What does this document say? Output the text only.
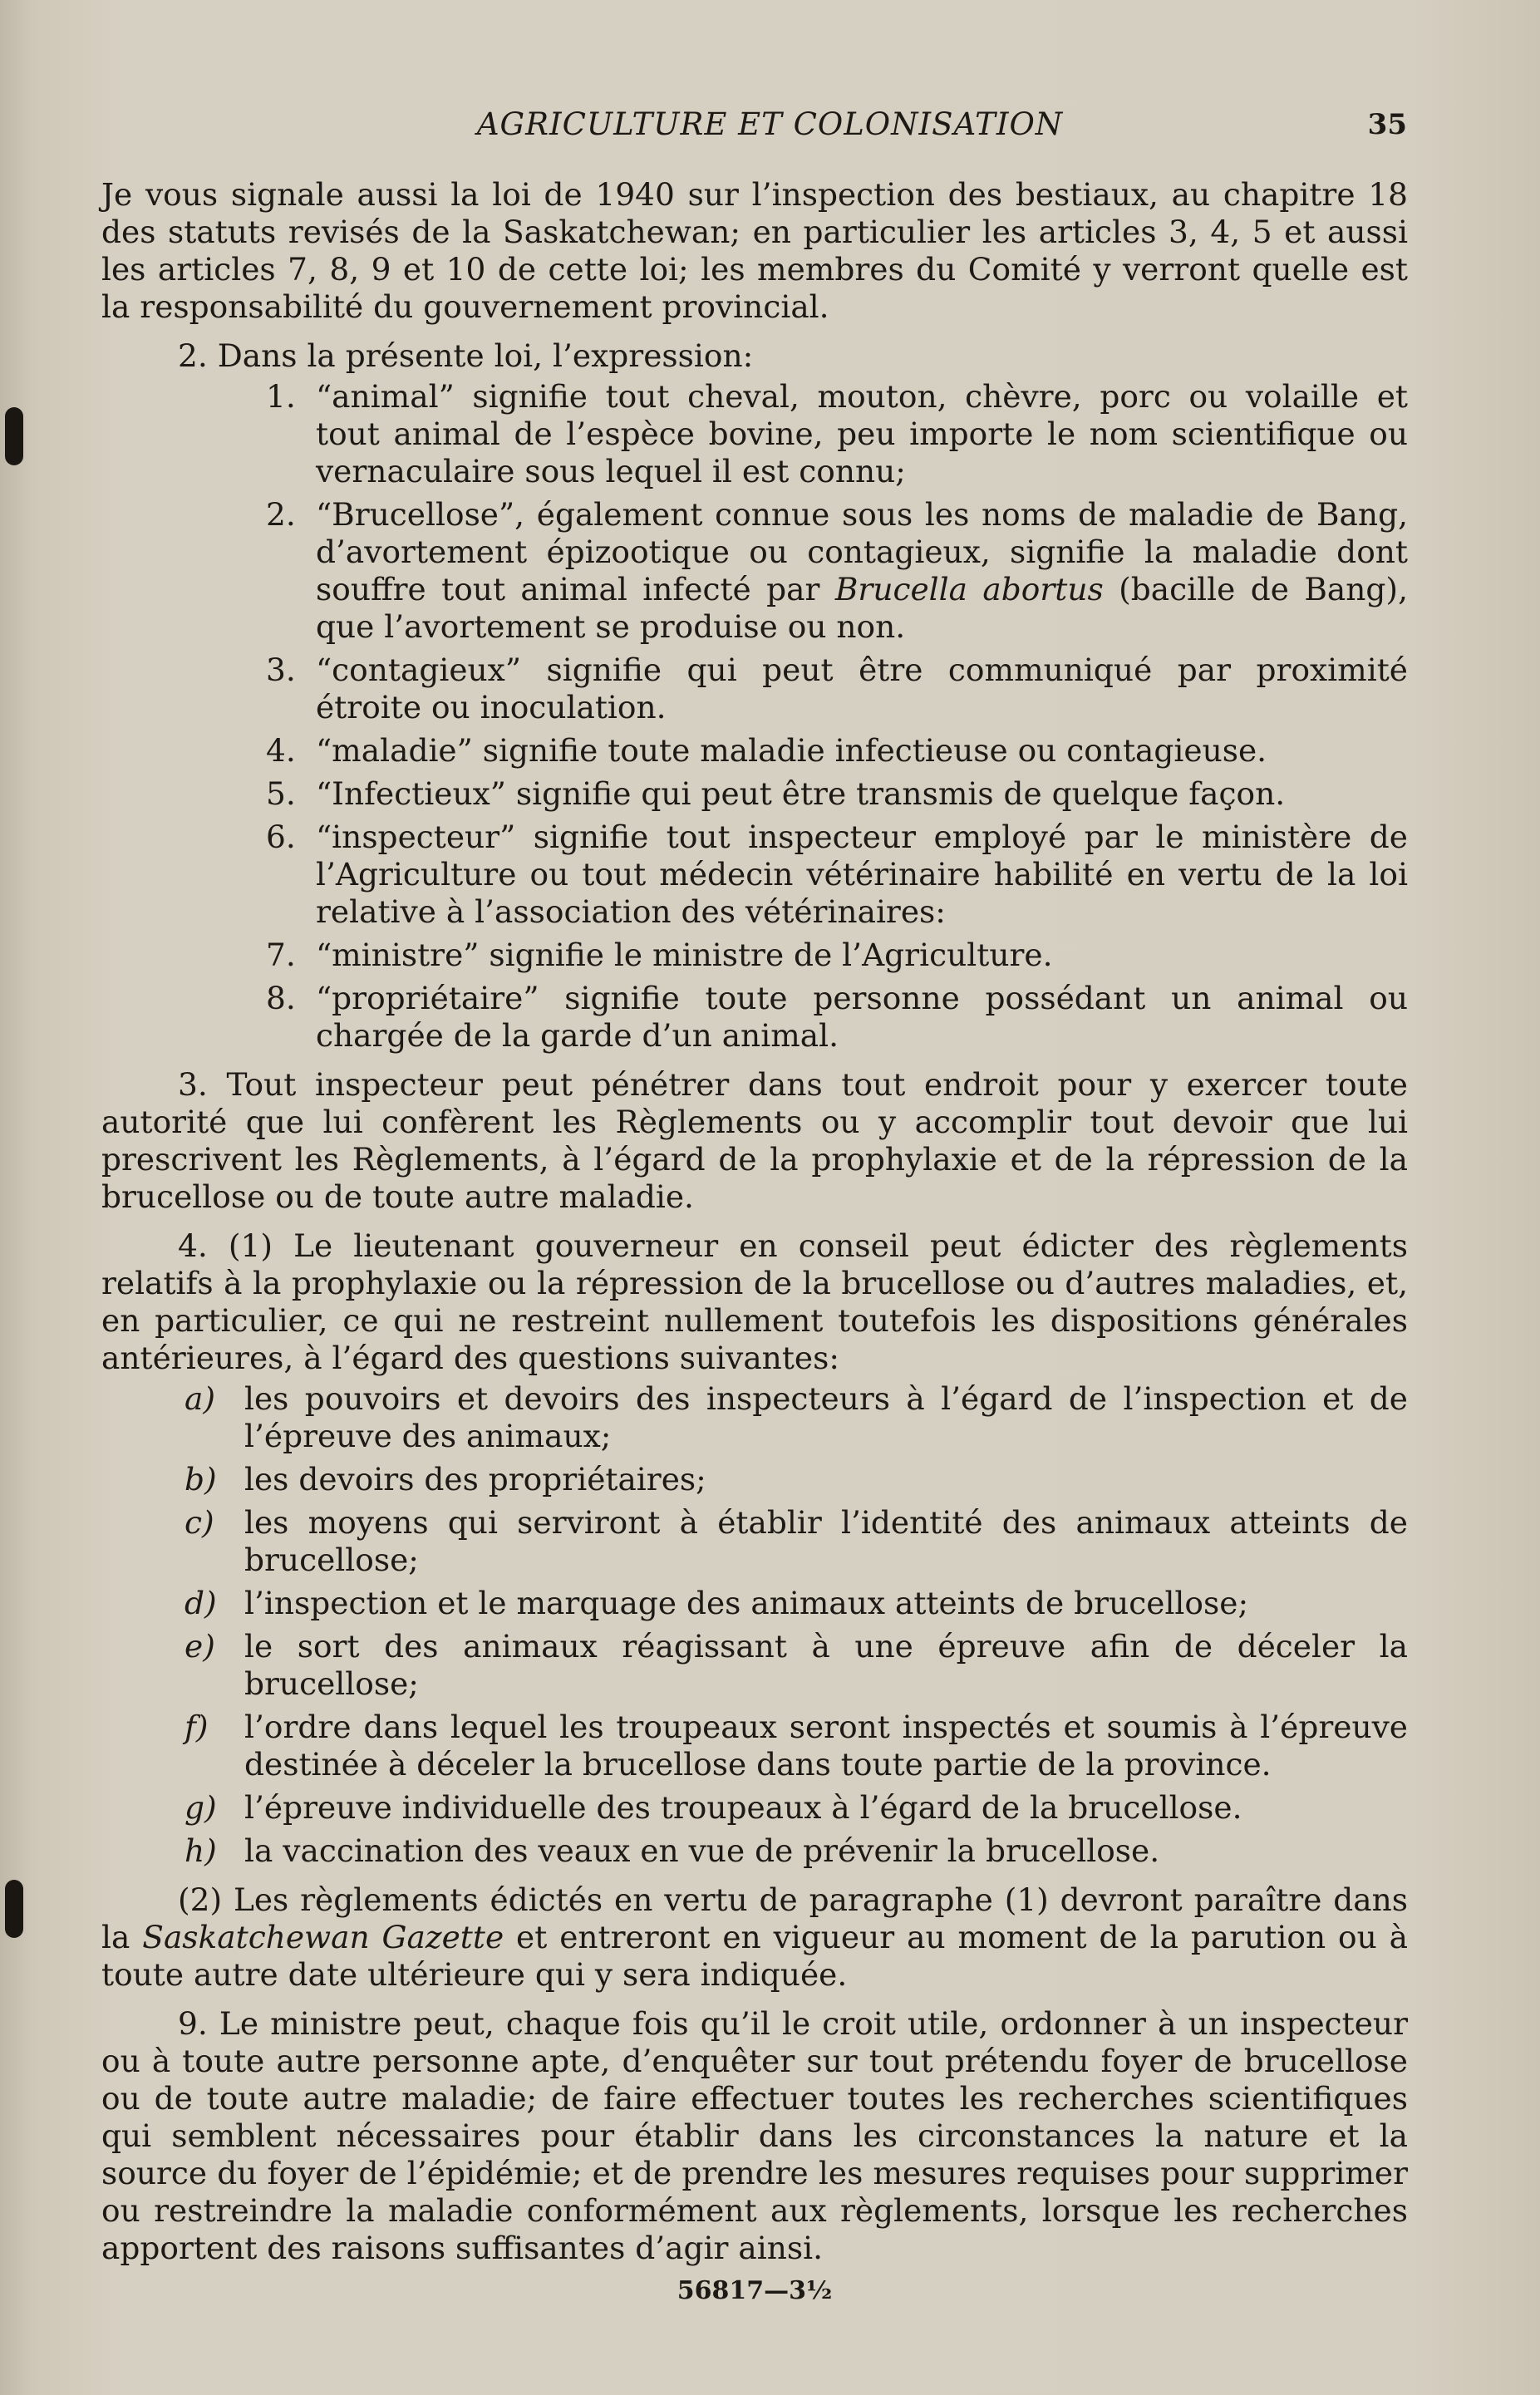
AGRICULTURE ET COLONISATION	35

Je vous signale aussi la loi de 1940 sur l’inspection des bestiaux, au chapitre 18 des statuts revisés de la Saskatchewan; en particulier les articles 3, 4, 5 et aussi les articles 7, 8, 9 et 10 de cette loi; les membres du Comité y verront quelle est la responsabilité du gouvernement provincial.

2. Dans la présente loi, l’expression:

1. “animal” signifie tout cheval, mouton, chèvre, porc ou volaille et tout animal de l’espèce bovine, peu importe le nom scientifique ou vernaculaire sous lequel il est connu;
2. “Brucellose”, également connue sous les noms de maladie de Bang, d’avortement épizootique ou contagieux, signifie la maladie dont souffre tout animal infecté par Brucella abortus (bacille de Bang), que l’avortement se produise ou non.
3. “contagieux” signifie qui peut être communiqué par proximité étroite ou inoculation.
4. “maladie” signifie toute maladie infectieuse ou contagieuse.
5. “Infectieux” signifie qui peut être transmis de quelque façon.
6. “inspecteur” signifie tout inspecteur employé par le ministère de l’Agriculture ou tout médecin vétérinaire habilité en vertu de la loi relative à l’association des vétérinaires:
7. “ministre” signifie le ministre de l’Agriculture.
8. “propriétaire” signifie toute personne possédant un animal ou chargée de la garde d’un animal.

3. Tout inspecteur peut pénétrer dans tout endroit pour y exercer toute autorité que lui confèrent les Règlements ou y accomplir tout devoir que lui prescrivent les Règlements, à l’égard de la prophylaxie et de la répression de la brucellose ou de toute autre maladie.

4. (1) Le lieutenant gouverneur en conseil peut édicter des règlements relatifs à la prophylaxie ou la répression de la brucellose ou d’autres maladies, et, en particulier, ce qui ne restreint nullement toutefois les dispositions générales antérieures, à l’égard des questions suivantes:

a) les pouvoirs et devoirs des inspecteurs à l’égard de l’inspection et de l’épreuve des animaux;
b) les devoirs des propriétaires;
c) les moyens qui serviront à établir l’identité des animaux atteints de brucellose;
d) l’inspection et le marquage des animaux atteints de brucellose;
e) le sort des animaux réagissant à une épreuve afin de déceler la brucellose;
f) l’ordre dans lequel les troupeaux seront inspectés et soumis à l’épreuve destinée à déceler la brucellose dans toute partie de la province.
g) l’épreuve individuelle des troupeaux à l’égard de la brucellose.
h) la vaccination des veaux en vue de prévenir la brucellose.

(2) Les règlements édictés en vertu de paragraphe (1) devront paraître dans la Saskatchewan Gazette et entreront en vigueur au moment de la parution ou à toute autre date ultérieure qui y sera indiquée.

9. Le ministre peut, chaque fois qu’il le croit utile, ordonner à un inspecteur ou à toute autre personne apte, d’enquêter sur tout prétendu foyer de brucellose ou de toute autre maladie; de faire effectuer toutes les recherches scientifiques qui semblent nécessaires pour établir dans les circonstances la nature et la source du foyer de l’épidémie; et de prendre les mesures requises pour supprimer ou restreindre la maladie conformément aux règlements, lorsque les recherches apportent des raisons suffisantes d’agir ainsi.

56817—3½
